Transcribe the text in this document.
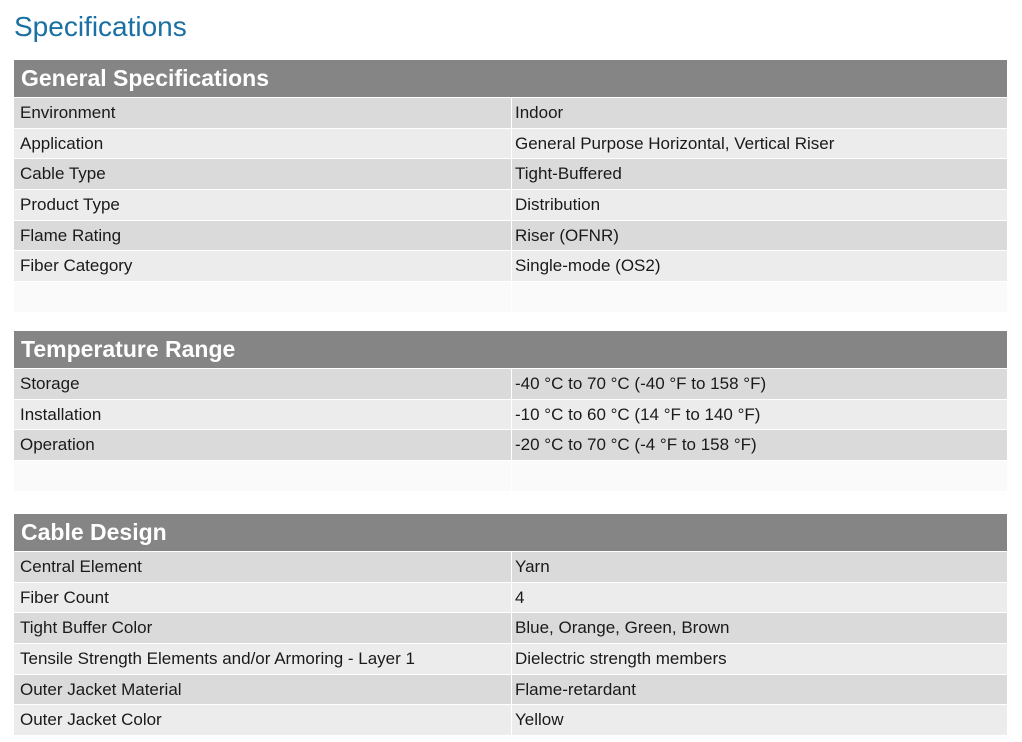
Specifications
General Specifications
Environment	Indoor
Application	General Purpose Horizontal, Vertical Riser
Cable Type	Tight-Buffered
Product Type	Distribution
Flame Rating	Riser (OFNR)
Fiber Category	Single-mode (OS2)
Temperature Range
Storage	-40 °C to 70 °C (-40 °F to 158 °F)
Installation	-10 °C to 60 °C (14 °F to 140 °F)
Operation	-20 °C to 70 °C (-4 °F to 158 °F)
Cable Design
Central Element	Yarn
Fiber Count	4
Tight Buffer Color	Blue, Orange, Green, Brown
Tensile Strength Elements and/or Armoring - Layer 1	Dielectric strength members
Outer Jacket Material	Flame-retardant
Outer Jacket Color	Yellow
